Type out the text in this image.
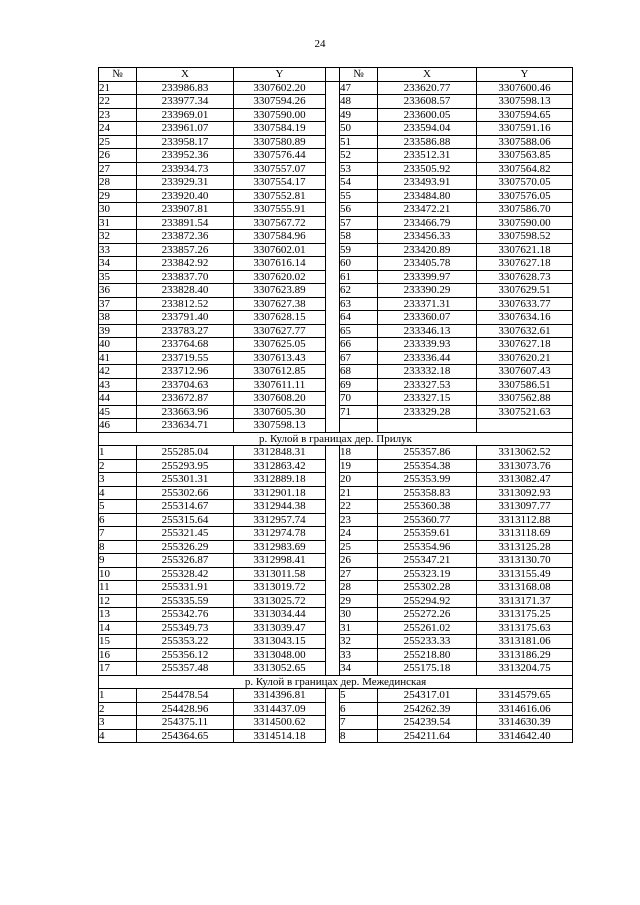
24
№	X	Y		№	X	Y
21	233986.83	3307602.20		47	233620.77	3307600.46
22	233977.34	3307594.26		48	233608.57	3307598.13
23	233969.01	3307590.00		49	233600.05	3307594.65
24	233961.07	3307584.19		50	233594.04	3307591.16
25	233958.17	3307580.89		51	233586.88	3307588.06
26	233952.36	3307576.44		52	233512.31	3307563.85
27	233934.73	3307557.07		53	233505.92	3307564.82
28	233929.31	3307554.17		54	233493.91	3307570.05
29	233920.40	3307552.81		55	233484.80	3307576.05
30	233907.81	3307555.91		56	233472.21	3307586.70
31	233891.54	3307567.72		57	233466.79	3307590.00
32	233872.36	3307584.96		58	233456.33	3307598.52
33	233857.26	3307602.01		59	233420.89	3307621.18
34	233842.92	3307616.14		60	233405.78	3307627.18
35	233837.70	3307620.02		61	233399.97	3307628.73
36	233828.40	3307623.89		62	233390.29	3307629.51
37	233812.52	3307627.38		63	233371.31	3307633.77
38	233791.40	3307628.15		64	233360.07	3307634.16
39	233783.27	3307627.77		65	233346.13	3307632.61
40	233764.68	3307625.05		66	233339.93	3307627.18
41	233719.55	3307613.43		67	233336.44	3307620.21
42	233712.96	3307612.85		68	233332.18	3307607.43
43	233704.63	3307611.11		69	233327.53	3307586.51
44	233672.87	3307608.20		70	233327.15	3307562.88
45	233663.96	3307605.30		71	233329.28	3307521.63
46	233634.71	3307598.13				
р. Кулой в границах дер. Прилук						
1	255285.04	3312848.31		18	255357.86	3313062.52
2	255293.95	3312863.42		19	255354.38	3313073.76
3	255301.31	3312889.18		20	255353.99	3313082.47
4	255302.66	3312901.18		21	255358.83	3313092.93
5	255314.67	3312944.38		22	255360.38	3313097.77
6	255315.64	3312957.74		23	255360.77	3313112.88
7	255321.45	3312974.78		24	255359.61	3313118.69
8	255326.29	3312983.69		25	255354.96	3313125.28
9	255326.87	3312998.41		26	255347.21	3313130.70
10	255328.42	3313011.58		27	255323.19	3313155.49
11	255331.91	3313019.72		28	255302.28	3313168.08
12	255335.59	3313025.72		29	255294.92	3313171.37
13	255342.76	3313034.44		30	255272.26	3313175.25
14	255349.73	3313039.47		31	255261.02	3313175.63
15	255353.22	3313043.15		32	255233.33	3313181.06
16	255356.12	3313048.00		33	255218.80	3313186.29
17	255357.48	3313052.65		34	255175.18	3313204.75
р. Кулой в границах дер. Межединская						
1	254478.54	3314396.81		5	254317.01	3314579.65
2	254428.96	3314437.09		6	254262.39	3314616.06
3	254375.11	3314500.62		7	254239.54	3314630.39
4	254364.65	3314514.18		8	254211.64	3314642.40
